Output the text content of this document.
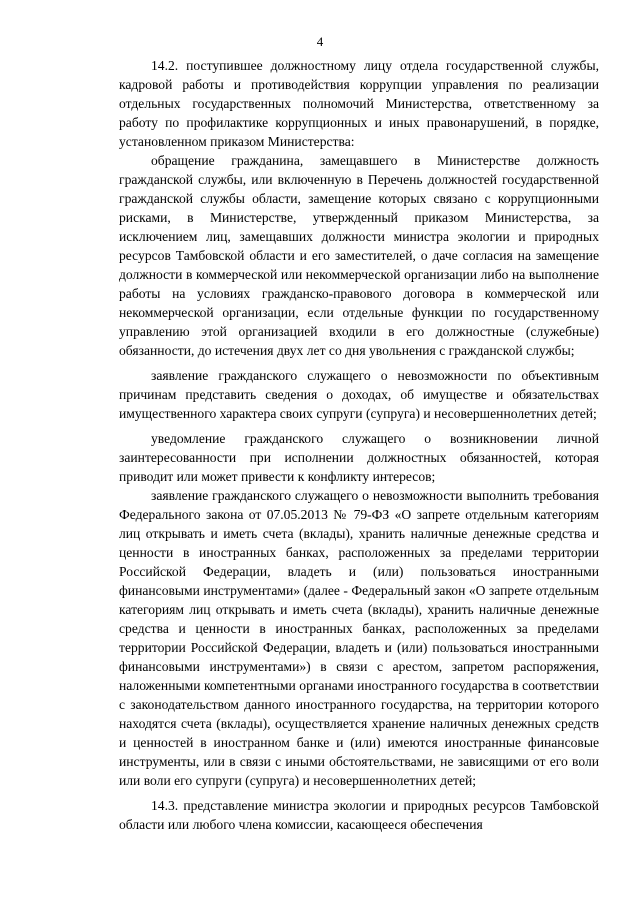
4

14.2. поступившее должностному лицу отдела государственной службы, кадровой работы и противодействия коррупции управления по реализации отдельных государственных полномочий Министерства, ответственному за работу по профилактике коррупционных и иных правонарушений, в порядке, установленном приказом Министерства:

обращение гражданина, замещавшего в Министерстве должность гражданской службы, или включенную в Перечень должностей государственной гражданской службы области, замещение которых связано с коррупционными рисками, в Министерстве, утвержденный приказом Министерства, за исключением лиц, замещавших должности министра экологии и природных ресурсов Тамбовской области и его заместителей, о даче согласия на замещение должности в коммерческой или некоммерческой организации либо на выполнение работы на условиях гражданско-правового договора в коммерческой или некоммерческой организации, если отдельные функции по государственному управлению этой организацией входили в его должностные (служебные) обязанности, до истечения двух лет со дня увольнения с гражданской службы;

заявление гражданского служащего о невозможности по объективным причинам представить сведения о доходах, об имуществе и обязательствах имущественного характера своих супруги (супруга) и несовершеннолетних детей;

уведомление гражданского служащего о возникновении личной заинтересованности при исполнении должностных обязанностей, которая приводит или может привести к конфликту интересов;

заявление гражданского служащего о невозможности выполнить требования Федерального закона от 07.05.2013 № 79-ФЗ «О запрете отдельным категориям лиц открывать и иметь счета (вклады), хранить наличные денежные средства и ценности в иностранных банках, расположенных за пределами территории Российской Федерации, владеть и (или) пользоваться иностранными финансовыми инструментами» (далее - Федеральный закон «О запрете отдельным категориям лиц открывать и иметь счета (вклады), хранить наличные денежные средства и ценности в иностранных банках, расположенных за пределами территории Российской Федерации, владеть и (или) пользоваться иностранными финансовыми инструментами») в связи с арестом, запретом распоряжения, наложенными компетентными органами иностранного государства в соответствии с законодательством данного иностранного государства, на территории которого находятся счета (вклады), осуществляется хранение наличных денежных средств и ценностей в иностранном банке и (или) имеются иностранные финансовые инструменты, или в связи с иными обстоятельствами, не зависящими от его воли или воли его супруги (супруга) и несовершеннолетних детей;

14.3. представление министра экологии и природных ресурсов Тамбовской области или любого члена комиссии, касающееся обеспечения
